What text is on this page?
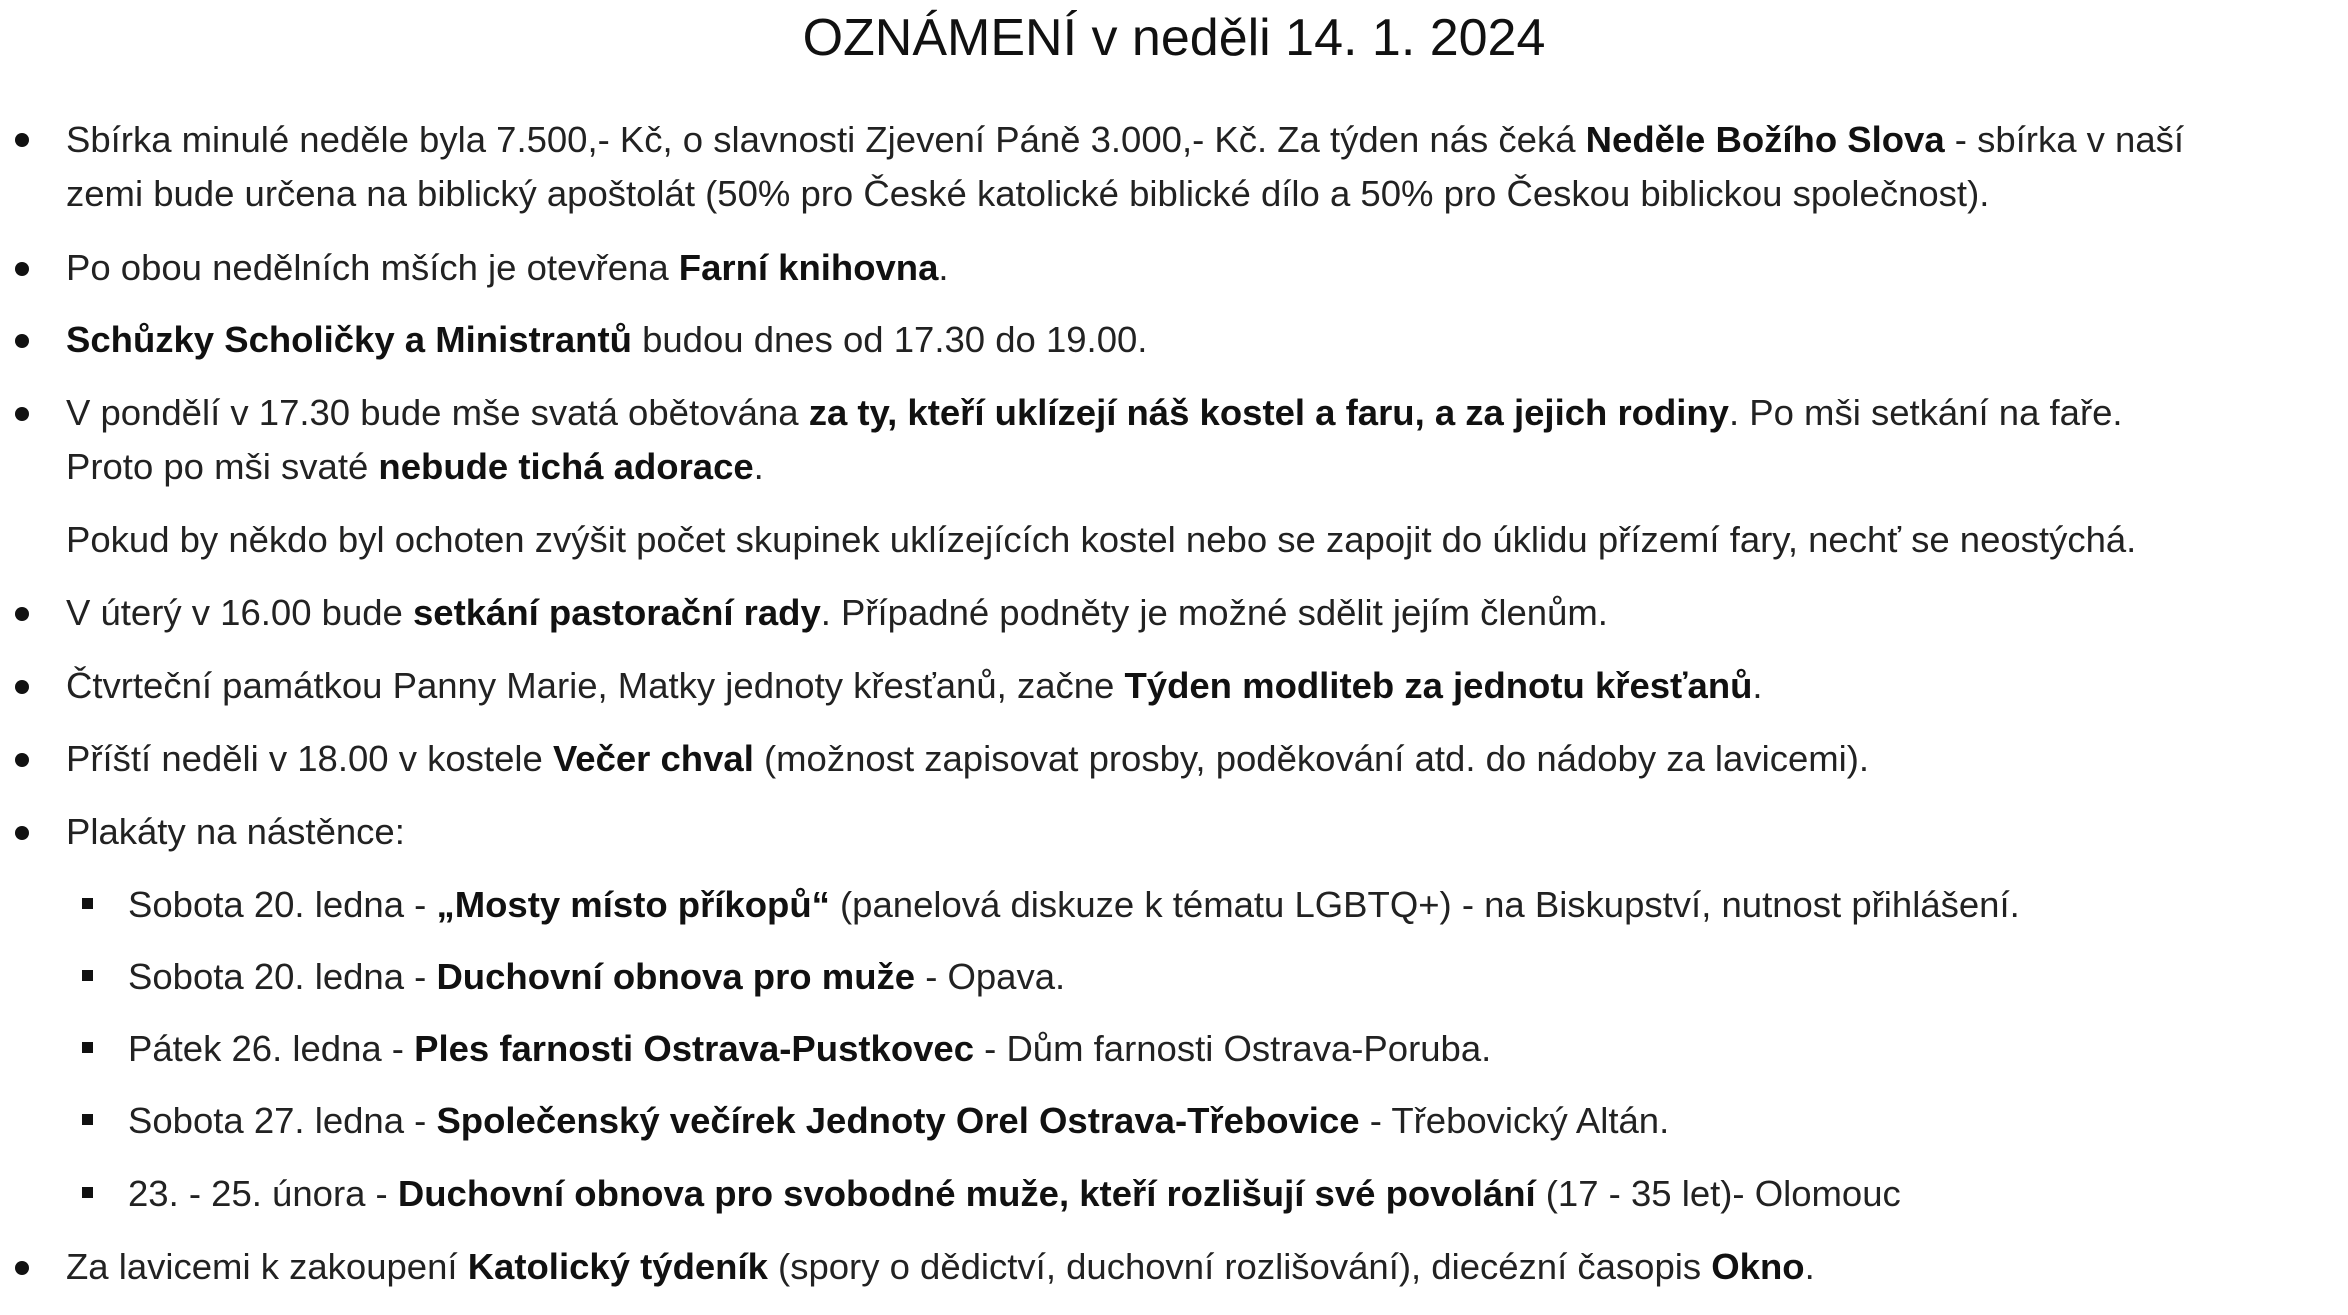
OZNÁMENÍ v neděli 14. 1. 2024
Sbírka minulé neděle byla 7.500,- Kč, o slavnosti Zjevení Páně 3.000,- Kč. Za týden nás čeká Neděle Božího Slova - sbírka v naší
zemi bude určena na biblický apoštolát (50% pro České katolické biblické dílo a 50% pro Českou biblickou společnost).
Po obou nedělních mších je otevřena Farní knihovna.
Schůzky Scholičky a Ministrantů budou dnes od 17.30 do 19.00.
V pondělí v 17.30 bude mše svatá obětována za ty, kteří uklízejí náš kostel a faru, a za jejich rodiny. Po mši setkání na faře.
Proto po mši svaté nebude tichá adorace.
Pokud by někdo byl ochoten zvýšit počet skupinek uklízejících kostel nebo se zapojit do úklidu přízemí fary, nechť se neostýchá.
V úterý v 16.00 bude setkání pastorační rady. Případné podněty je možné sdělit jejím členům.
Čtvrteční památkou Panny Marie, Matky jednoty křesťanů, začne Týden modliteb za jednotu křesťanů.
Příští neděli v 18.00 v kostele Večer chval (možnost zapisovat prosby, poděkování atd. do nádoby za lavicemi).
Plakáty na nástěnce:
Sobota 20. ledna - „Mosty místo příkopů“ (panelová diskuze k tématu LGBTQ+) - na Biskupství, nutnost přihlášení.
Sobota 20. ledna - Duchovní obnova pro muže - Opava.
Pátek 26. ledna - Ples farnosti Ostrava-Pustkovec - Dům farnosti Ostrava-Poruba.
Sobota 27. ledna - Společenský večírek Jednoty Orel Ostrava-Třebovice - Třebovický Altán.
23. - 25. února - Duchovní obnova pro svobodné muže, kteří rozlišují své povolání (17 - 35 let)- Olomouc
Za lavicemi k zakoupení Katolický týdeník (spory o dědictví, duchovní rozlišování), diecézní časopis Okno.
